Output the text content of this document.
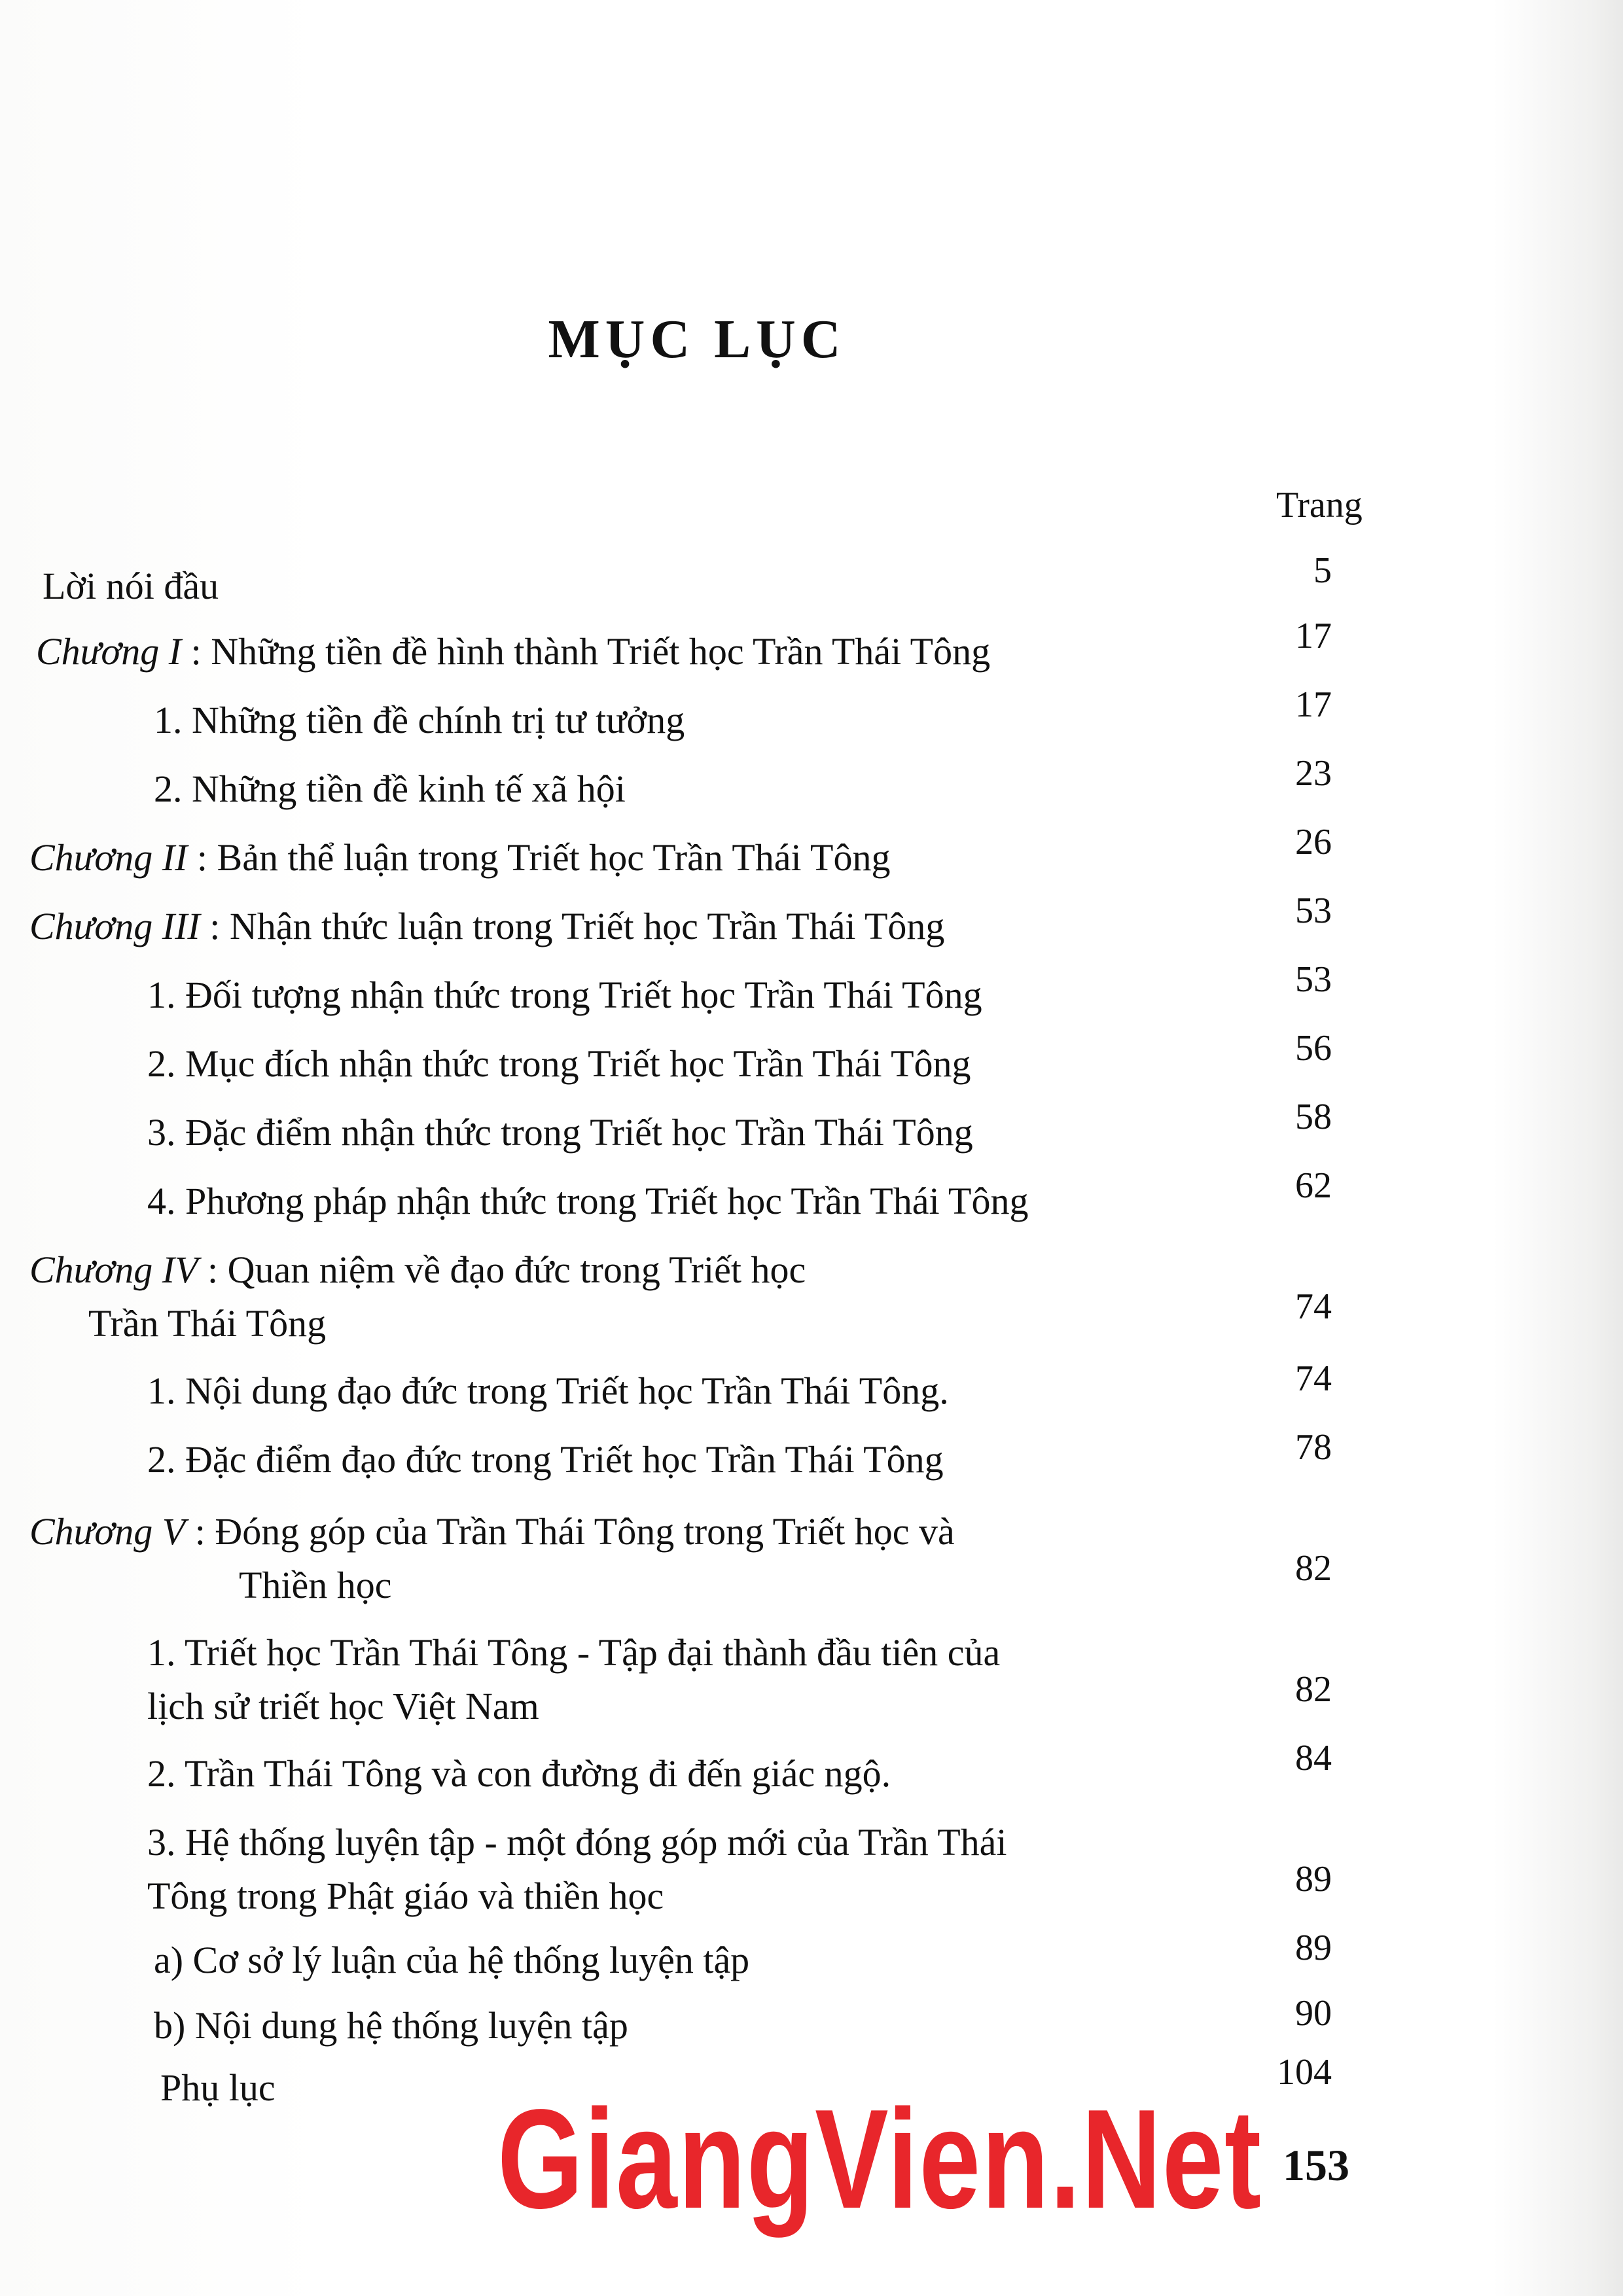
MỤC LỤC
Trang
Lời nói đầu	5
Chương I : Những tiền đề hình thành Triết học Trần Thái Tông	17
1. Những tiền đề chính trị tư tưởng	17
2. Những tiền đề kinh tế xã hội	23
Chương II : Bản thể luận trong Triết học Trần Thái Tông	26
Chương III : Nhận thức luận trong Triết học Trần Thái Tông	53
1. Đối tượng nhận thức trong Triết học Trần Thái Tông	53
2. Mục đích nhận thức trong Triết học Trần Thái Tông	56
3. Đặc điểm nhận thức trong Triết học Trần Thái Tông	58
4. Phương pháp nhận thức trong Triết học Trần Thái Tông	62
Chương IV : Quan niệm về đạo đức trong Triết học
Trần Thái Tông	74
1. Nội dung đạo đức trong Triết học Trần Thái Tông.	74
2. Đặc điểm đạo đức trong Triết học Trần Thái Tông	78
Chương V : Đóng góp của Trần Thái Tông trong Triết học và
Thiền học	82
1. Triết học Trần Thái Tông - Tập đại thành đầu tiên của
lịch sử triết học Việt Nam	82
2. Trần Thái Tông và con đường đi đến giác ngộ.	84
3. Hệ thống luyện tập - một đóng góp mới của Trần Thái
Tông trong Phật giáo và thiền học	89
a) Cơ sở lý luận của hệ thống luyện tập	89
b) Nội dung hệ thống luyện tập	90
Phụ lục	104
GiangVien.Net 153
